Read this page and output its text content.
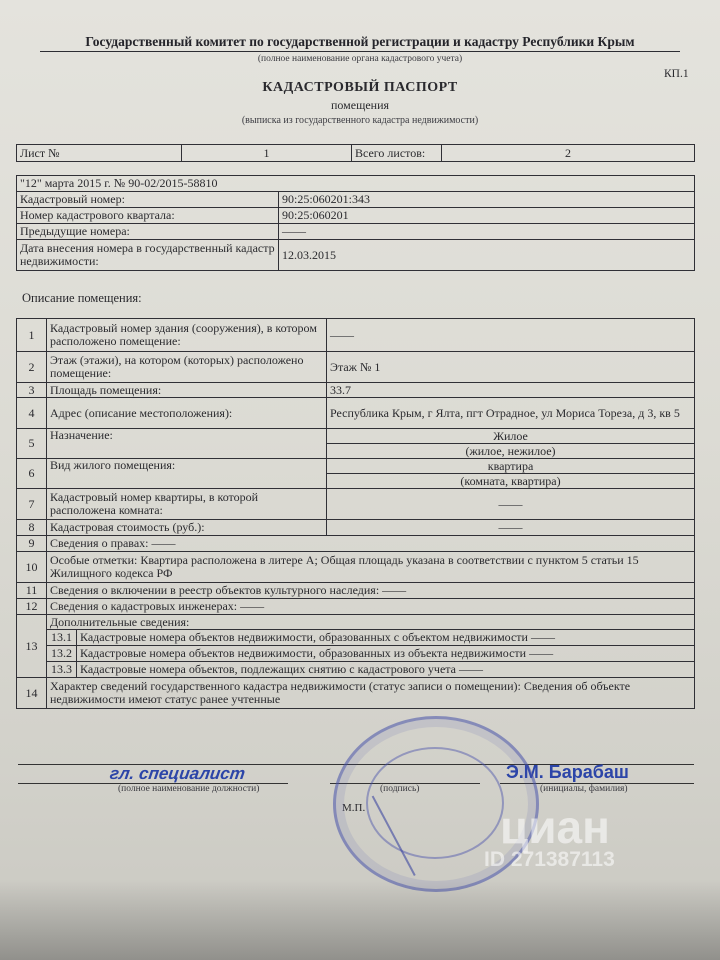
Государственный комитет по государственной регистрации и кадастру Республики Крым
(полное наименование органа кадастрового учета)
КП.1
КАДАСТРОВЫЙ ПАСПОРТ
помещения
(выписка из государственного кадастра недвижимости)
Лист №	1	Всего листов:	2
"12" марта 2015 г. № 90-02/2015-58810	
Кадастровый номер:	90:25:060201:343
Номер кадастрового квартала:	90:25:060201
Предыдущие номера:	——
Дата внесения номера в государственный кадастр недвижимости:	12.03.2015
Описание помещения:
1	Кадастровый номер здания (сооружения), в котором расположено помещение:		——
2	Этаж (этажи), на котором (которых) расположено помещение:		Этаж № 1
3	Площадь помещения:		33.7
4	Адрес (описание местоположения):		Республика Крым, г Ялта, пгт Отрадное, ул Мориса Тореза, д 3, кв 5
5	Назначение:		Жилое
			(жилое, нежилое)
6	Вид жилого помещения:		квартира
			(комната, квартира)
7	Кадастровый номер квартиры, в которой расположена комната:		——
8	Кадастровая стоимость (руб.):		——
9	Сведения о правах: ——		
10	Особые отметки: Квартира расположена в литере А; Общая площадь указана в соответствии с пунктом 5 статьи 15 Жилищного кодекса РФ		
11	Сведения о включении в реестр объектов культурного наследия: ——		
12	Сведения о кадастровых инженерах: ——		
13	Дополнительные сведения:		
	13.1	Кадастровые номера объектов недвижимости, образованных с объектом недвижимости ——	
	13.2	Кадастровые номера объектов недвижимости, образованных из объекта недвижимости ——	
	13.3	Кадастровые номера объектов, подлежащих снятию с кадастрового учета ——	
14	Характер сведений государственного кадастра недвижимости (статус записи о помещении): Сведения об объекте недвижимости имеют статус ранее учтенные		
гл. специалист	Э.М. Барабаш
(полное наименование должности)	(подпись)	(инициалы, фамилия)
М.П.	циан
ID 271387113
